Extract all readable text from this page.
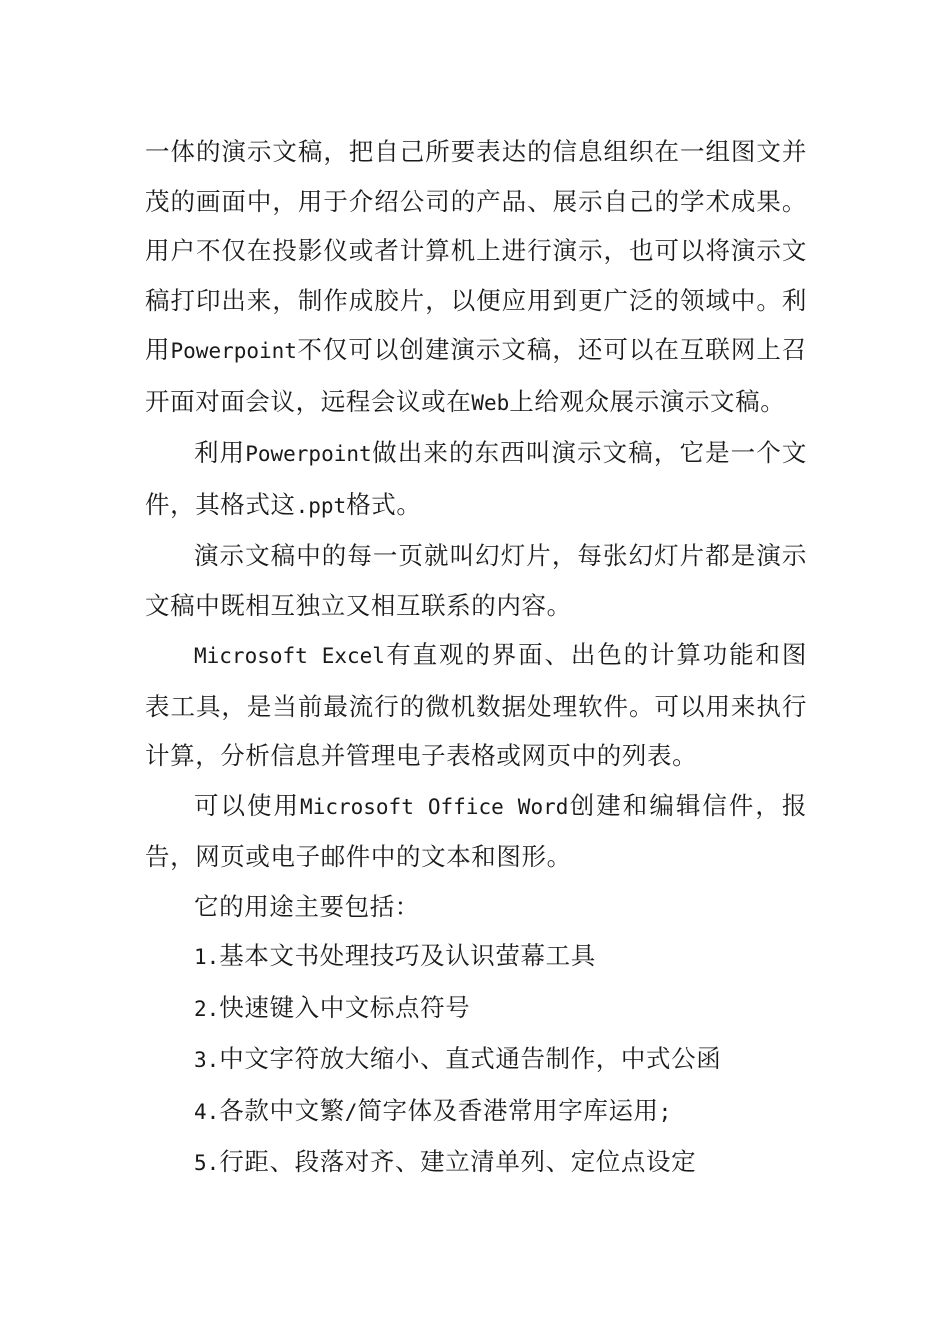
一体的演示文稿，把自己所要表达的信息组织在一组图文并茂的画面中，用于介绍公司的产品、展示自己的学术成果。用户不仅在投影仪或者计算机上进行演示，也可以将演示文稿打印出来，制作成胶片，以便应用到更广泛的领域中。利用Powerpoint不仅可以创建演示文稿，还可以在互联网上召开面对面会议，远程会议或在Web上给观众展示演示文稿。

利用Powerpoint做出来的东西叫演示文稿，它是一个文件，其格式这.ppt格式。

演示文稿中的每一页就叫幻灯片，每张幻灯片都是演示文稿中既相互独立又相互联系的内容。

Microsoft Excel有直观的界面、出色的计算功能和图表工具，是当前最流行的微机数据处理软件。可以用来执行计算，分析信息并管理电子表格或网页中的列表。

可以使用Microsoft Office Word创建和编辑信件，报告，网页或电子邮件中的文本和图形。

它的用途主要包括：

1.基本文书处理技巧及认识萤幕工具

2.快速键入中文标点符号

3.中文字符放大缩小、直式通告制作，中式公函

4.各款中文繁/简字体及香港常用字库运用;

5.行距、段落对齐、建立清单列、定位点设定
